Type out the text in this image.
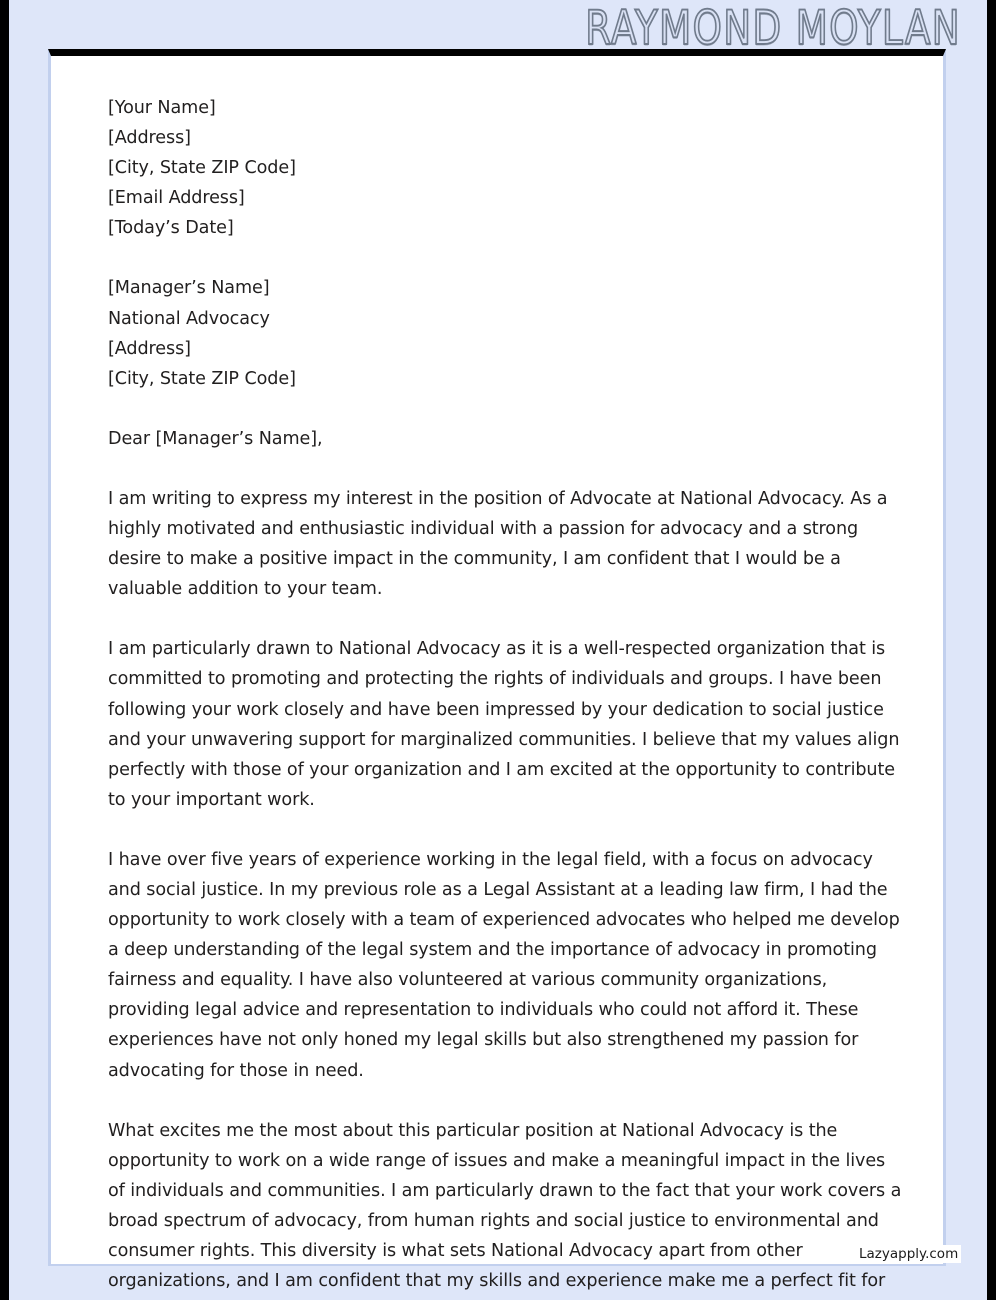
RAYMOND MOYLAN
[Your Name]
[Address]
[City, State ZIP Code]
[Email Address]
[Today’s Date]
[Manager’s Name]
National Advocacy
[Address]
[City, State ZIP Code]
Dear [Manager’s Name],

I am writing to express my interest in the position of Advocate at National Advocacy. As a highly motivated and enthusiastic individual with a passion for advocacy and a strong desire to make a positive impact in the community, I am confident that I would be a valuable addition to your team.

I am particularly drawn to National Advocacy as it is a well-respected organization that is committed to promoting and protecting the rights of individuals and groups. I have been following your work closely and have been impressed by your dedication to social justice and your unwavering support for marginalized communities. I believe that my values align perfectly with those of your organization and I am excited at the opportunity to contribute to your important work.

I have over five years of experience working in the legal field, with a focus on advocacy and social justice. In my previous role as a Legal Assistant at a leading law firm, I had the opportunity to work closely with a team of experienced advocates who helped me develop a deep understanding of the legal system and the importance of advocacy in promoting fairness and equality. I have also volunteered at various community organizations, providing legal advice and representation to individuals who could not afford it. These experiences have not only honed my legal skills but also strengthened my passion for advocating for those in need.

What excites me the most about this particular position at National Advocacy is the opportunity to work on a wide range of issues and make a meaningful impact in the lives of individuals and communities. I am particularly drawn to the fact that your work covers a broad spectrum of advocacy, from human rights and social justice to environmental and consumer rights. This diversity is what sets National Advocacy apart from other organizations, and I am confident that my skills and experience make me a perfect fit for

Lazyapply.com
